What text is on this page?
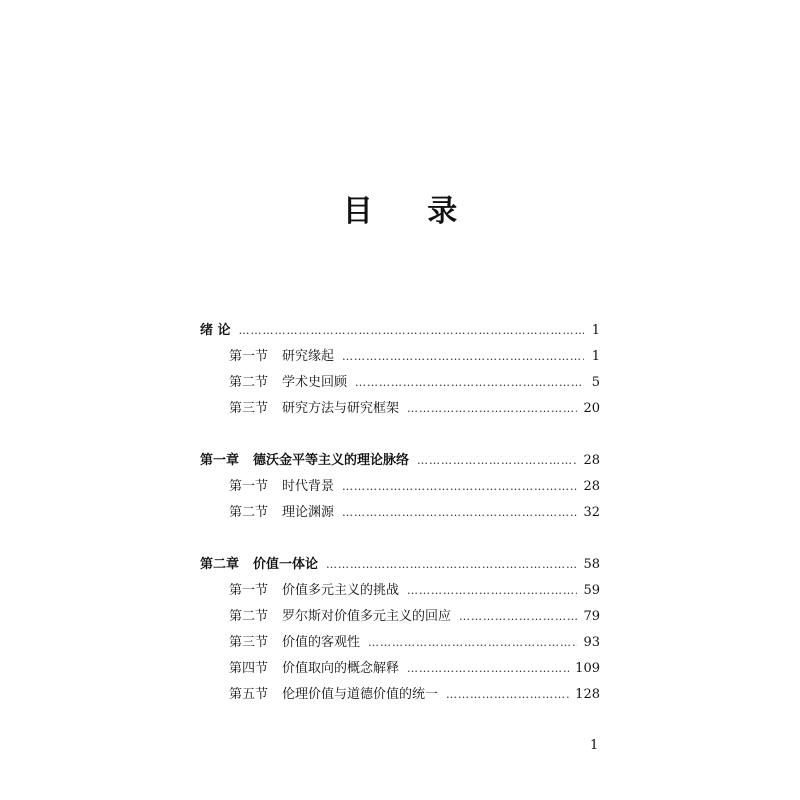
目 录
绪 论 ……………………………………………………………………………………………………………………………………………………………	1
第一节 研究缘起 ……………………………………………………………………………………………………………………………………………………………	1
第二节 学术史回顾 ……………………………………………………………………………………………………………………………………………………………	5
第三节 研究方法与研究框架 ……………………………………………………………………………………………………………………………………………………………	20
第一章 德沃金平等主义的理论脉络 ……………………………………………………………………………………………………………………………………………………………	28
第一节 时代背景 ……………………………………………………………………………………………………………………………………………………………	28
第二节 理论渊源 ……………………………………………………………………………………………………………………………………………………………	32
第二章 价值一体论 ……………………………………………………………………………………………………………………………………………………………	58
第一节 价值多元主义的挑战 ……………………………………………………………………………………………………………………………………………………………	59
第二节 罗尔斯对价值多元主义的回应 ……………………………………………………………………………………………………………………………………………………………	79
第三节 价值的客观性 ……………………………………………………………………………………………………………………………………………………………	93
第四节 价值取向的概念解释 ……………………………………………………………………………………………………………………………………………………………	109
第五节 伦理价值与道德价值的统一 ……………………………………………………………………………………………………………………………………………………………	128
1
